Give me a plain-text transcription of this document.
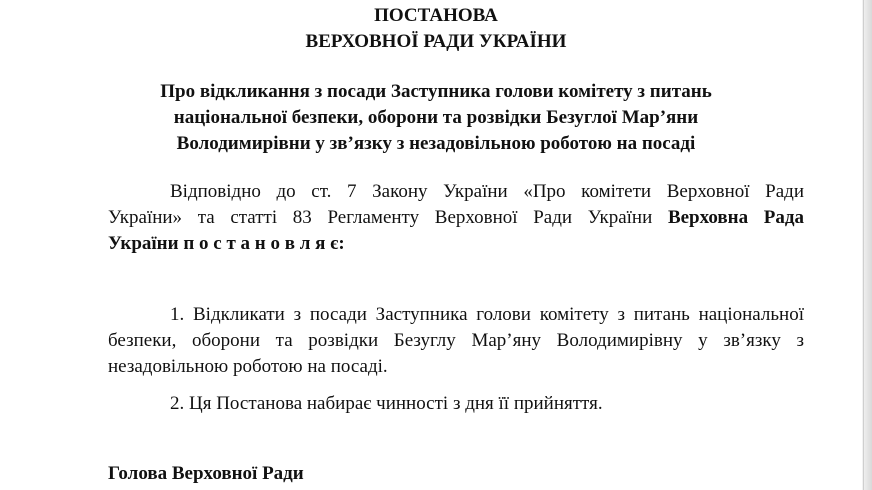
ПОСТАНОВА
ВЕРХОВНОЇ РАДИ УКРАЇНИ
Про відкликання з посади Заступника голови комітету з питань
національної безпеки, оборони та розвідки Безуглої Мар’яни
Володимирівни у зв’язку з незадовільною роботою на посаді
Відповідно до ст. 7 Закону України «Про комітети Верховної Ради
України» та статті 83 Регламенту Верховної Ради України Верховна Рада
України п о с т а н о в л я є:
1. Відкликати з посади Заступника голови комітету з питань національної
безпеки, оборони та розвідки Безуглу Мар’яну Володимирівну у зв’язку з
незадовільною роботою на посаді.
2. Ця Постанова набирає чинності з дня її прийняття.
Голова Верховної Ради
